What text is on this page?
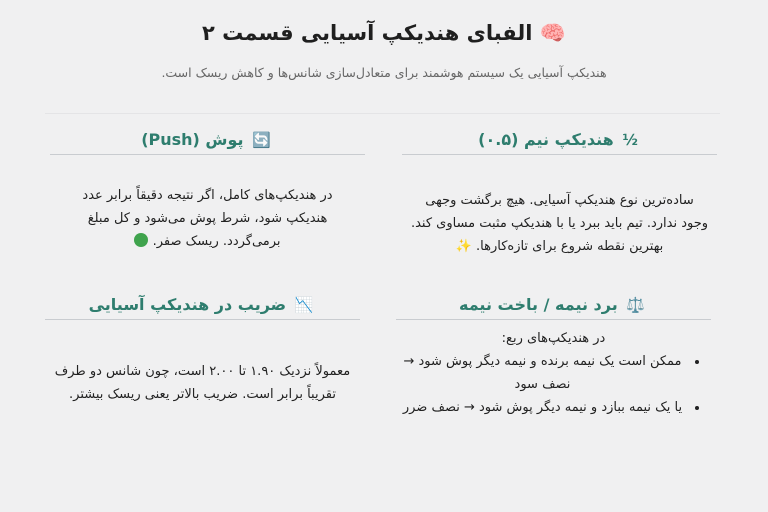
🧠 الفبای هندیکپ آسیایی قسمت ۲

هندیکپ آسیایی یک سیستم هوشمند برای متعادل‌سازی شانس‌ها و کاهش ریسک است.

½ هندیکپ نیم (۰.۵)

ساده‌ترین نوع هندیکپ آسیایی. هیچ برگشت وجهی وجود ندارد. تیم باید ببرد یا با هندیکپ مثبت مساوی کند. بهترین نقطه شروع برای تازه‌کارها. ✨

🔄 پوش (Push)

در هندیکپ‌های کامل، اگر نتیجه دقیقاً برابر عدد هندیکپ شود، شرط پوش می‌شود و کل مبلغ برمی‌گردد. ریسک صفر.

⚖️ برد نیمه / باخت نیمه

در هندیکپ‌های ربع:

• ممکن است یک نیمه برنده و نیمه دیگر پوش شود → نصف سود
• یا یک نیمه ببازد و نیمه دیگر پوش شود → نصف ضرر
📉 ضریب در هندیکپ آسیایی

معمولاً نزدیک ۱.۹۰ تا ۲.۰۰ است، چون شانس دو طرف تقریباً برابر است. ضریب بالاتر یعنی ریسک بیشتر.
